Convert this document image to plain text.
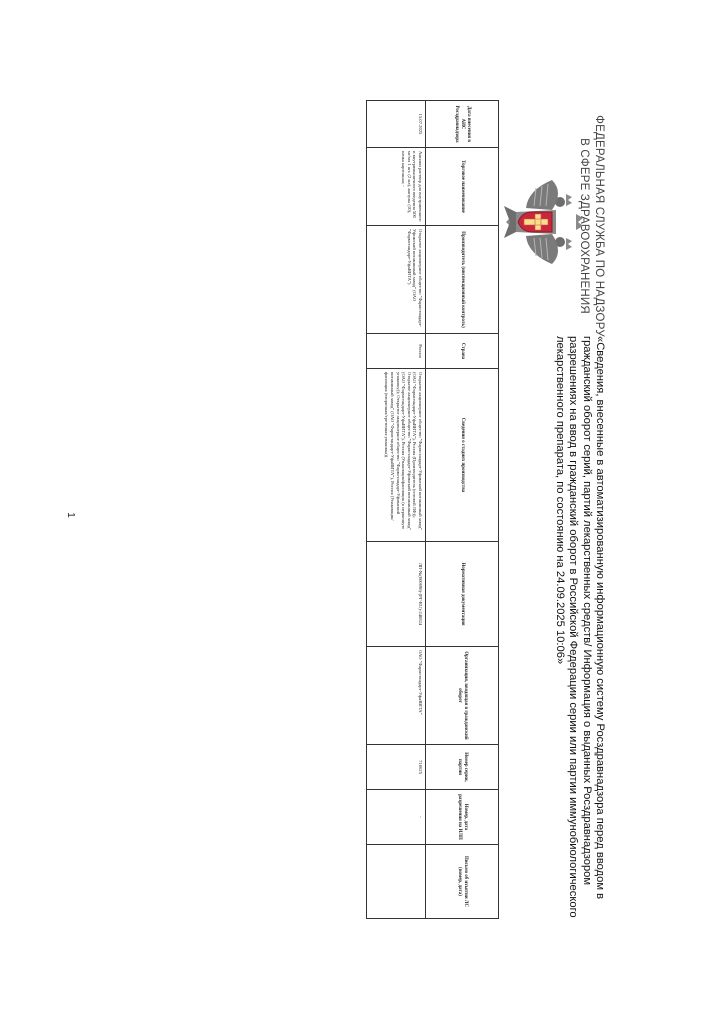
ФЕДЕРАЛЬНАЯ СЛУЖБА ПО НАДЗОРУ
В СФЕРЕ ЗДРАВООХРАНЕНИЯ
«Сведения, внесенные в автоматизированную информационную систему Росздравнадзора перед вводом в гражданский оборот серий, партий лекарственных средств/ Информация о выданных Росздравнадзором разрешениях на ввод в гражданский оборот в Российской Федерации серии или партии иммунобиологического лекарственного препарата, по состоянию на 24.09.2025 10:06»
Дата внесения в АИС Росздравнадзора	Торговое наименование	Производитель (инспекционный контроль)	Страна	Сведения о стадиях производства	Нормативная документация	Организация, вводящая в гражданский оборот	Номер серии, партии	Номер, дата разрешения на ИЛП	Письмо об изъятии ЛС (номер, дата)
15.07.2025	Амилин раствор для внутривенного и внутримышечного введения 500 мг/мл 1 шт. (2 мл), ампулы (10), пачка картонная; -	Открытое акционерное общество "Фармстандарт-Уфимский витаминный завод" (ОАО "Фармстандарт-УфаВИТА")	Россия	Открытое акционерное общество "Фармстандарт-Уфимский витаминный завод" (ОАО "Фармстандарт-УфаВИТА"), Россия (Производитель (готовой ЛФ)); Открытое акционерное общество "Фармстандарт-Уфимский витаминный завод" (ОАО "Фармстандарт-УфаВИТА"), Россия (Упаковщик/фасовщик (в первичную упаковку)); Открытое акционерное общество "Фармстандарт-Уфимский витаминный завод" (ОАО "Фармстандарт-УфаВИТА"), Россия (Упаковщик/фасовщик (вторичная/третичная упаковка))	ЛП-№(000698)-(РГ-RU)-240824	ОАО "Фармстандарт-УфаВИТА"	710625	-	
1
